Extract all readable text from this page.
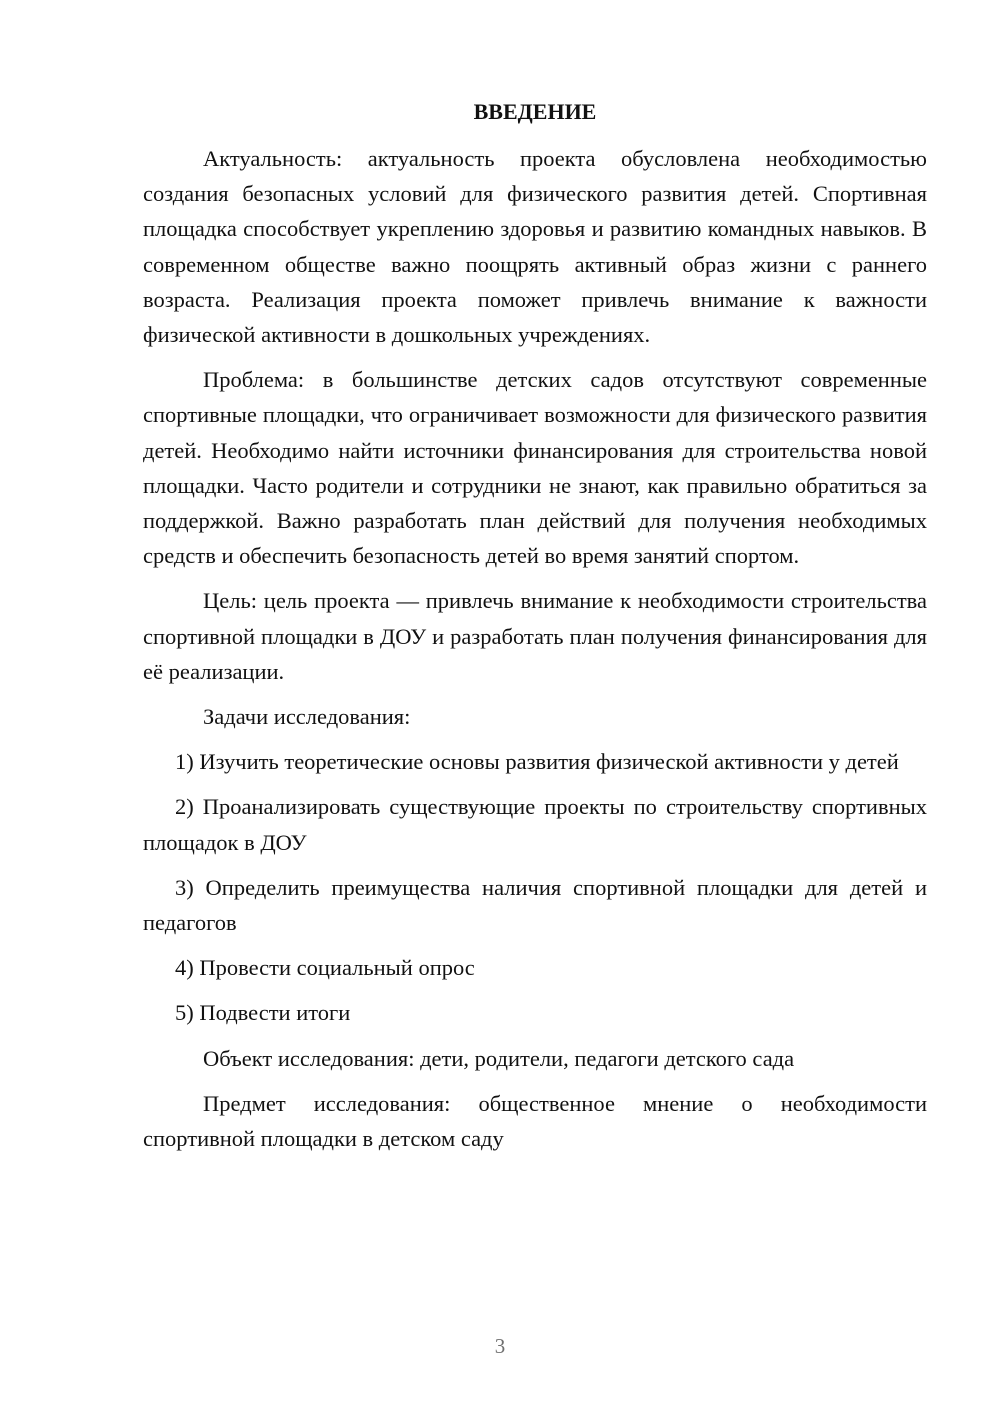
ВВЕДЕНИЕ

Актуальность: актуальность проекта обусловлена необходимостью создания безопасных условий для физического развития детей. Спортивная площадка способствует укреплению здоровья и развитию командных навыков. В современном обществе важно поощрять активный образ жизни с раннего возраста. Реализация проекта поможет привлечь внимание к важности физической активности в дошкольных учреждениях.

Проблема: в большинстве детских садов отсутствуют современные спортивные площадки, что ограничивает возможности для физического развития детей. Необходимо найти источники финансирования для строительства новой площадки. Часто родители и сотрудники не знают, как правильно обратиться за поддержкой. Важно разработать план действий для получения необходимых средств и обеспечить безопасность детей во время занятий спортом.

Цель: цель проекта — привлечь внимание к необходимости строительства спортивной площадки в ДОУ и разработать план получения финансирования для её реализации.

Задачи исследования:

1) Изучить теоретические основы развития физической активности у детей

2) Проанализировать существующие проекты по строительству спортивных площадок в ДОУ

3) Определить преимущества наличия спортивной площадки для детей и педагогов

4) Провести социальный опрос

5) Подвести итоги

Объект исследования: дети, родители, педагоги детского сада

Предмет исследования: общественное мнение о необходимости спортивной площадки в детском саду

3
